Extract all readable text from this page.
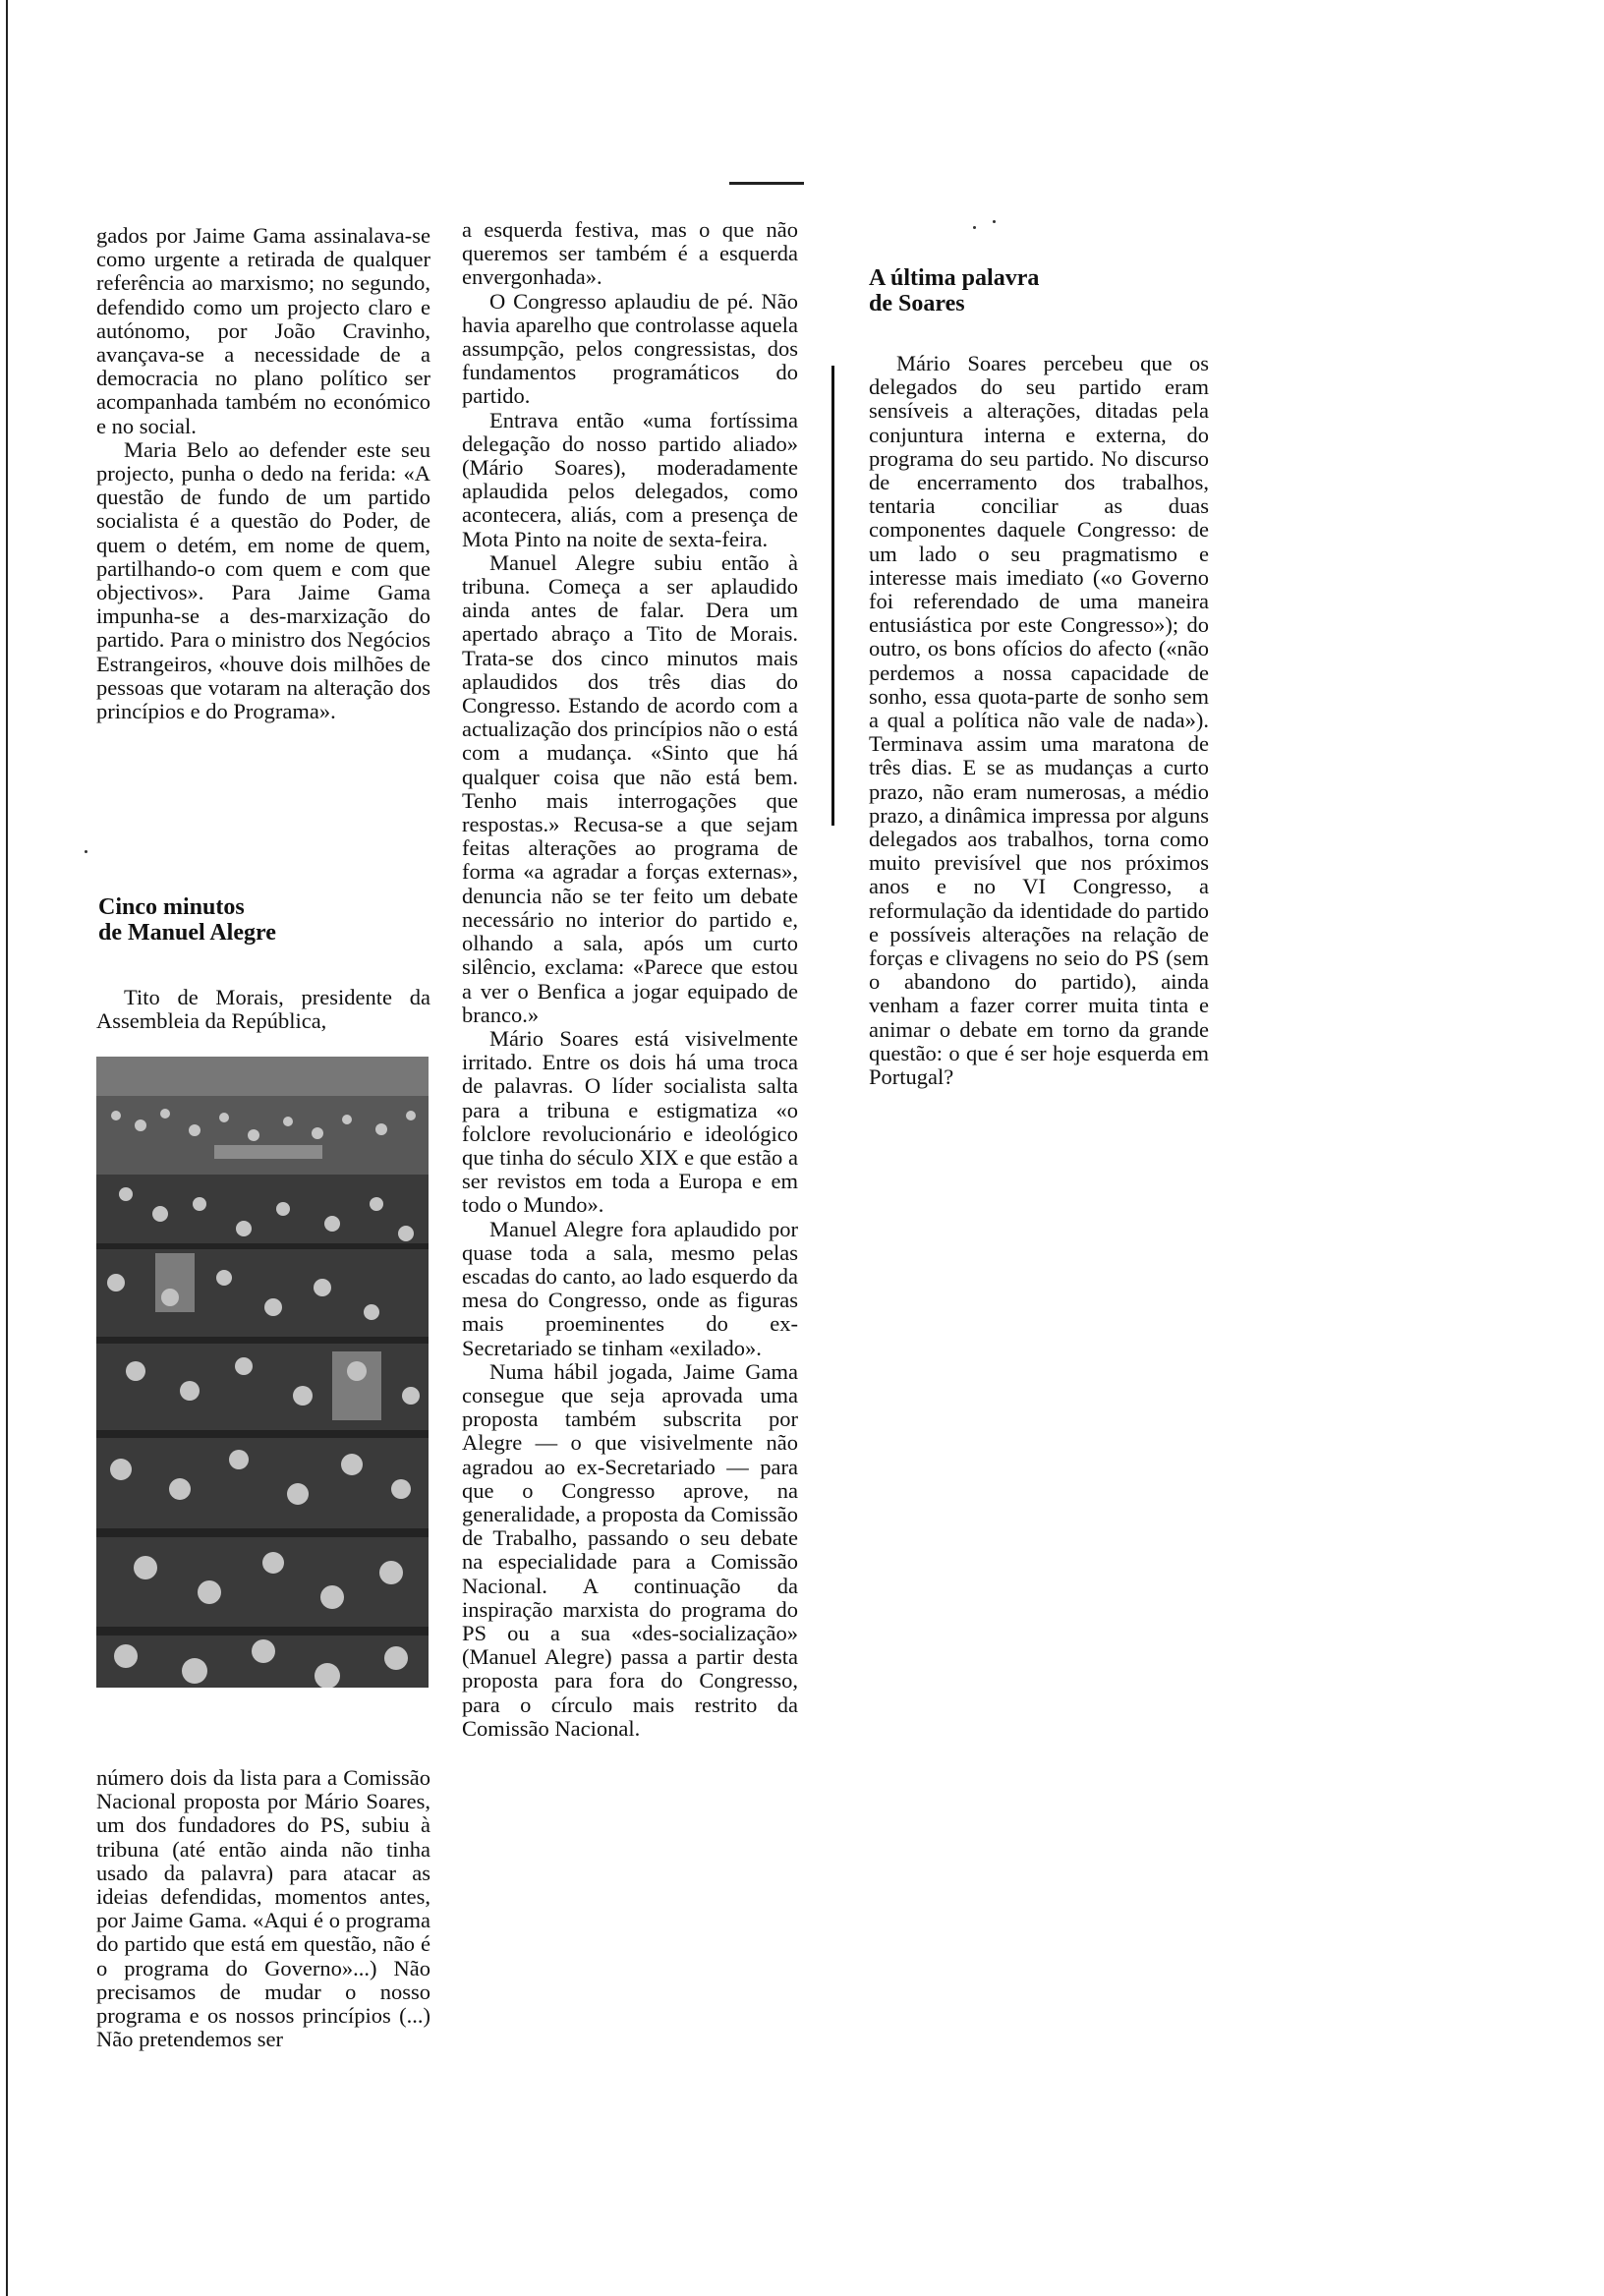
gados por Jaime Gama assinalava-se como urgente a retirada de qualquer referência ao marxismo; no segundo, defendido como um projecto claro e autónomo, por João Cravinho, avançava-se a necessidade de a democracia no plano político ser acompanhada também no económico e no social.

Maria Belo ao defender este seu projecto, punha o dedo na ferida: «A questão de fundo de um partido socialista é a questão do Poder, de quem o detém, em nome de quem, partilhando-o com quem e com que objectivos». Para Jaime Gama impunha-se a des-marxização do partido. Para o ministro dos Negócios Estrangeiros, «houve dois milhões de pessoas que votaram na alteração dos princípios e do Programa».

Cinco minutos
de Manuel Alegre

Tito de Morais, presidente da Assembleia da República,

número dois da lista para a Comissão Nacional proposta por Mário Soares, um dos fundadores do PS, subiu à tribuna (até então ainda não tinha usado da palavra) para atacar as ideias defendidas, momentos antes, por Jaime Gama. «Aqui é o programa do partido que está em questão, não é o programa do Governo»...) Não precisamos de mudar o nosso programa e os nossos princípios (...) Não pretendemos ser

a esquerda festiva, mas o que não queremos ser também é a esquerda envergonhada».

O Congresso aplaudiu de pé. Não havia aparelho que controlasse aquela assumpção, pelos congressistas, dos fundamentos programáticos do partido.

Entrava então «uma fortíssima delegação do nosso partido aliado» (Mário Soares), moderadamente aplaudida pelos delegados, como acontecera, aliás, com a presença de Mota Pinto na noite de sexta-feira.

Manuel Alegre subiu então à tribuna. Começa a ser aplaudido ainda antes de falar. Dera um apertado abraço a Tito de Morais. Trata-se dos cinco minutos mais aplaudidos dos três dias do Congresso. Estando de acordo com a actualização dos princípios não o está com a mudança. «Sinto que há qualquer coisa que não está bem. Tenho mais interrogações que respostas.» Recusa-se a que sejam feitas alterações ao programa de forma «a agradar a forças externas», denuncia não se ter feito um debate necessário no interior do partido e, olhando a sala, após um curto silêncio, exclama: «Parece que estou a ver o Benfica a jogar equipado de branco.»

Mário Soares está visivelmente irritado. Entre os dois há uma troca de palavras. O líder socialista salta para a tribuna e estigmatiza «o folclore revolucionário e ideológico que tinha do século XIX e que estão a ser revistos em toda a Europa e em todo o Mundo».

Manuel Alegre fora aplaudido por quase toda a sala, mesmo pelas escadas do canto, ao lado esquerdo da mesa do Congresso, onde as figuras mais proeminentes do ex-Secretariado se tinham «exilado».

Numa hábil jogada, Jaime Gama consegue que seja aprovada uma proposta também subscrita por Alegre — o que visivelmente não agradou ao ex-Secretariado — para que o Congresso aprove, na generalidade, a proposta da Comissão de Trabalho, passando o seu debate na especialidade para a Comissão Nacional. A continuação da inspiração marxista do programa do PS ou a sua «des-socialização» (Manuel Alegre) passa a partir desta proposta para fora do Congresso, para o círculo mais restrito da Comissão Nacional.

A última palavra
de Soares

Mário Soares percebeu que os delegados do seu partido eram sensíveis a alterações, ditadas pela conjuntura interna e externa, do programa do seu partido. No discurso de encerramento dos trabalhos, tentaria conciliar as duas componentes daquele Congresso: de um lado o seu pragmatismo e interesse mais imediato («o Governo foi referendado de uma maneira entusiástica por este Congresso»); do outro, os bons ofícios do afecto («não perdemos a nossa capacidade de sonho, essa quota-parte de sonho sem a qual a política não vale de nada»). Terminava assim uma maratona de três dias. E se as mudanças a curto prazo, não eram numerosas, a médio prazo, a dinâmica impressa por alguns delegados aos trabalhos, torna como muito previsível que nos próximos anos e no VI Congresso, a reformulação da identidade do partido e possíveis alterações na relação de forças e clivagens no seio do PS (sem o abandono do partido), ainda venham a fazer correr muita tinta e animar o debate em torno da grande questão: o que é ser hoje esquerda em Portugal?
